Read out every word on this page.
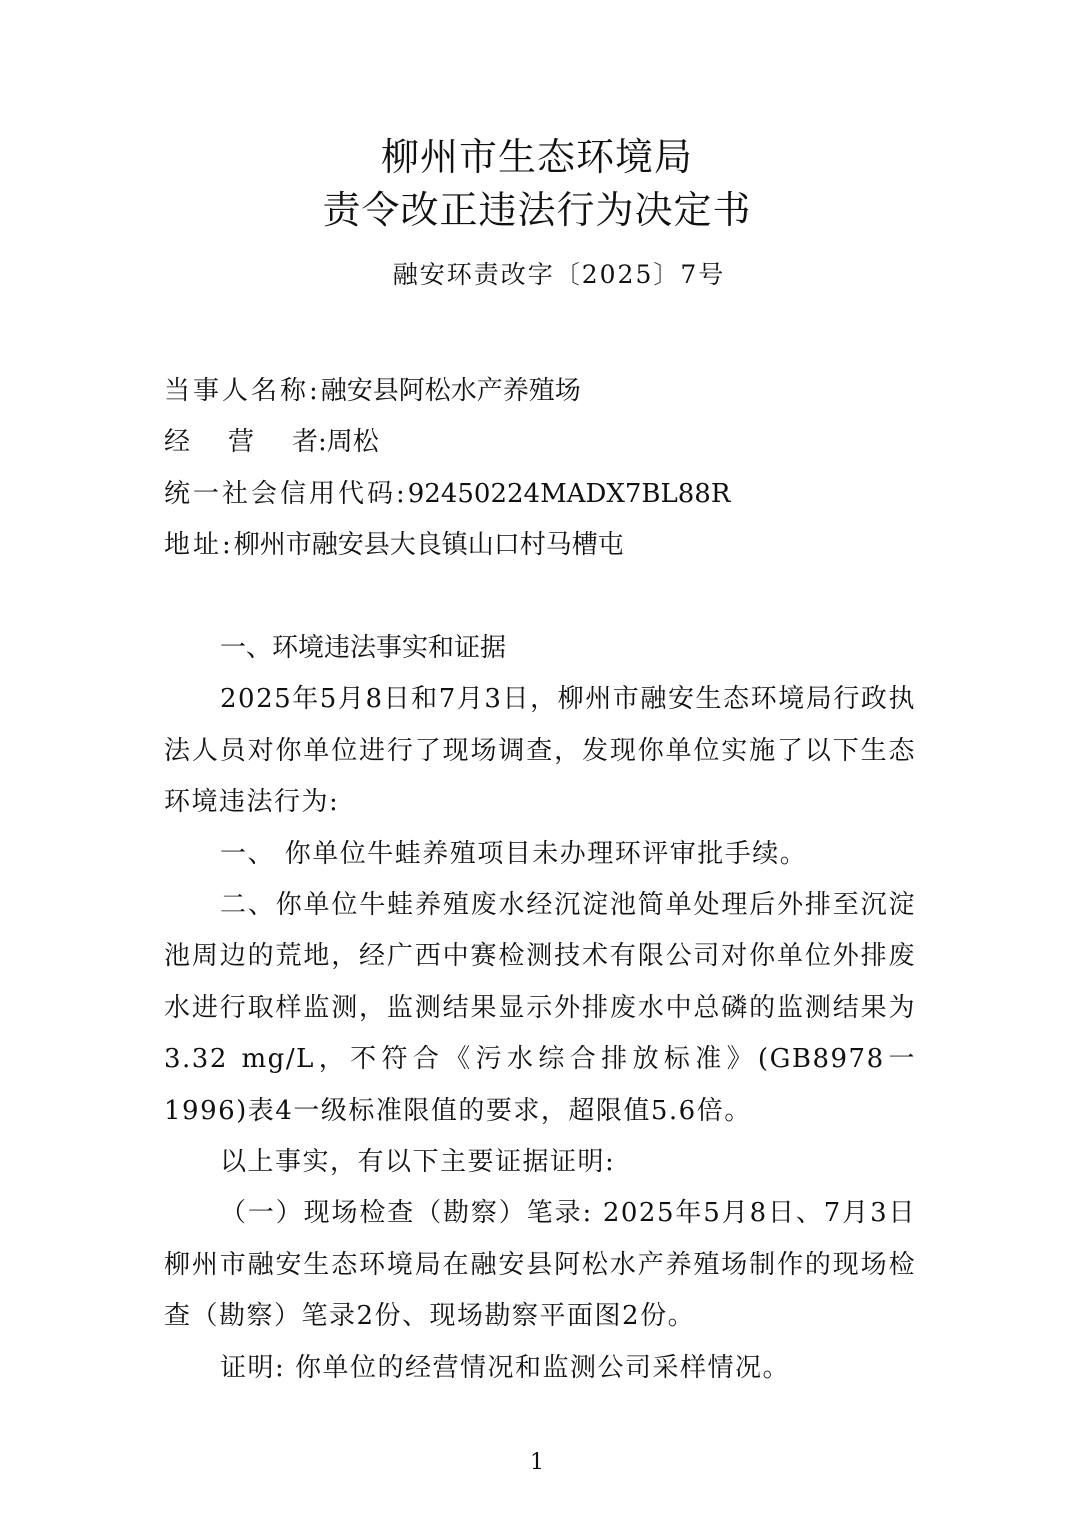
柳州市生态环境局
责令改正违法行为决定书
融安环责改字〔2025〕7号
当事人名称:融安县阿松水产养殖场
经 营 者:周松
统一社会信用代码:92450224MADX7BL88R
地址:柳州市融安县大良镇山口村马槽屯
一、环境违法事实和证据

2025年5月8日和7月3日，柳州市融安生态环境局行政执法人员对你单位进行了现场调查，发现你单位实施了以下生态环境违法行为:

一、 你单位牛蛙养殖项目未办理环评审批手续。

二、你单位牛蛙养殖废水经沉淀池简单处理后外排至沉淀池周边的荒地，经广西中赛检测技术有限公司对你单位外排废水进行取样监测，监测结果显示外排废水中总磷的监测结果为3.32 mg/L，不符合《污水综合排放标准》(GB8978一1996)表4一级标准限值的要求，超限值5.6倍。

以上事实，有以下主要证据证明:

（一）现场检查（勘察）笔录: 2025年5月8日、7月3日柳州市融安生态环境局在融安县阿松水产养殖场制作的现场检查（勘察）笔录2份、现场勘察平面图2份。

证明: 你单位的经营情况和监测公司采样情况。

1
